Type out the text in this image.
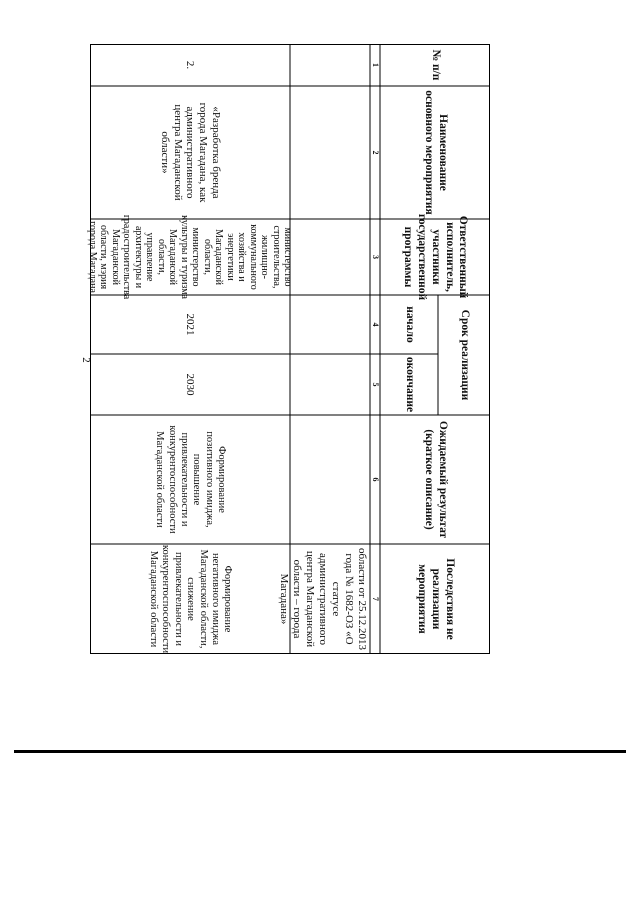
2
№ п/п
Наименование основного мероприятия
Ответственный исполнитель, участники государственной программы
Срок реализации
начало
окончание
Ожидаемый результат (краткое описание)
Последствия не реализации мероприятия
1
2
3
4
5
6
7
области от 25.12.2013 года № 1682-ОЗ «О статусе административного центра Магаданской области – города Магадана»
2.
«Разработка бренда города Магадана, как административного центра Магаданской области»
министерство строительства, жилищно-коммунального хозяйства и энергетики Магаданской области, министерство культуры и туризма Магаданской области, управление архитектуры и градостроительства Магаданской области, мэрия города Магадана
2021
2030
Формирование позитивного имиджа, повышение привлекательности и конкурентоспособности Магаданской области
Формирование негативного имиджа Магаданской области, снижение привлекательности и конкурентоспособности Магаданской области
